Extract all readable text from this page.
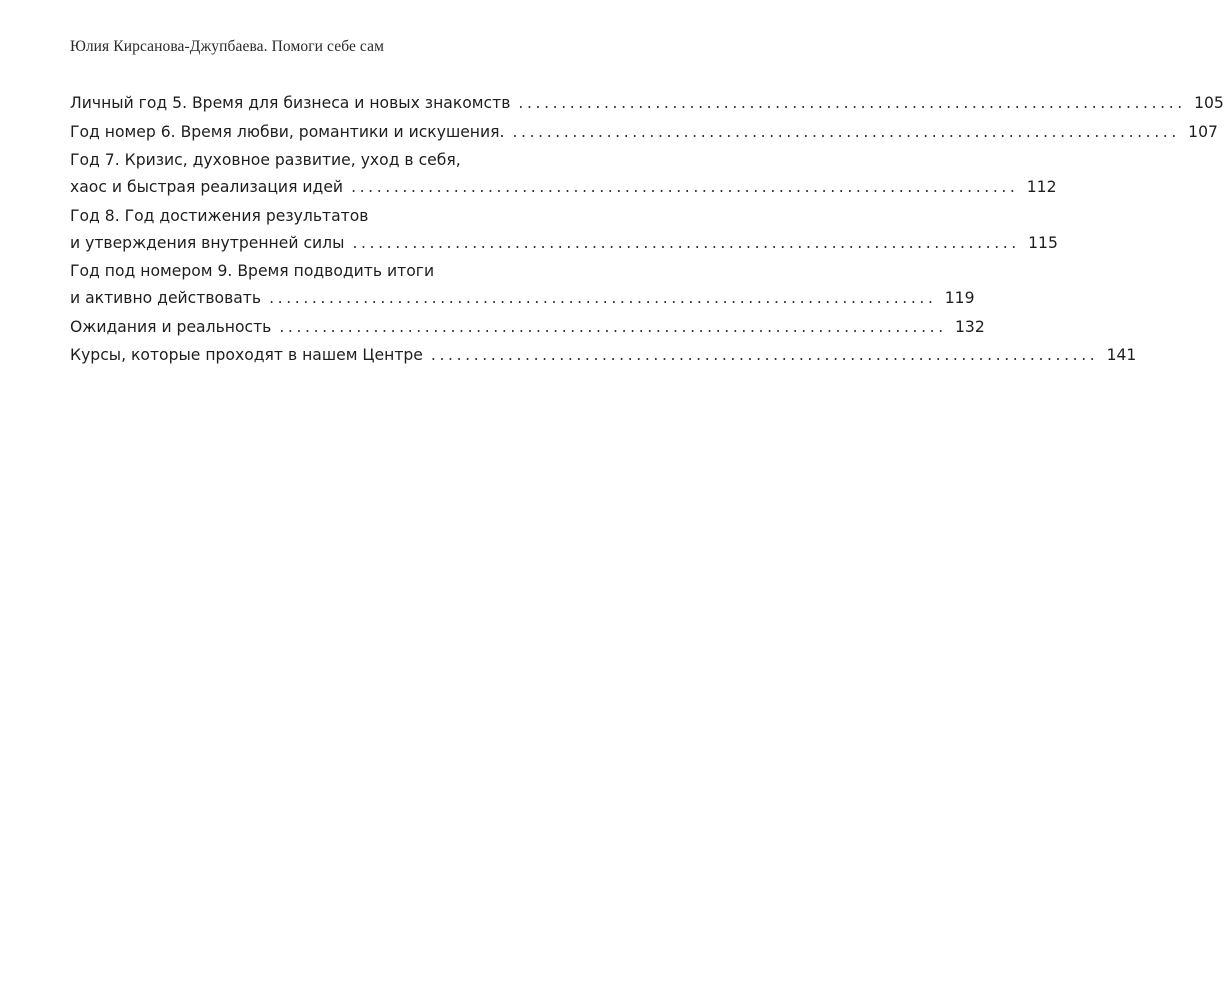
Юлия Кирсанова-Джупбаева. Помоги себе сам
Личный год 5. Время для бизнеса и новых знакомств .............................................................................. 105
Год номер 6. Время любви, романтики и искушения. .............................................................................. 107
Год 7. Кризис, духовное развитие, уход в себя,
хаос и быстрая реализация идей .............................................................................. 112
Год 8. Год достижения результатов
и утверждения внутренней силы .............................................................................. 115
Год под номером 9. Время подводить итоги
и активно действовать .............................................................................. 119
Ожидания и реальность .............................................................................. 132
Курсы, которые проходят в нашем Центре .............................................................................. 141
